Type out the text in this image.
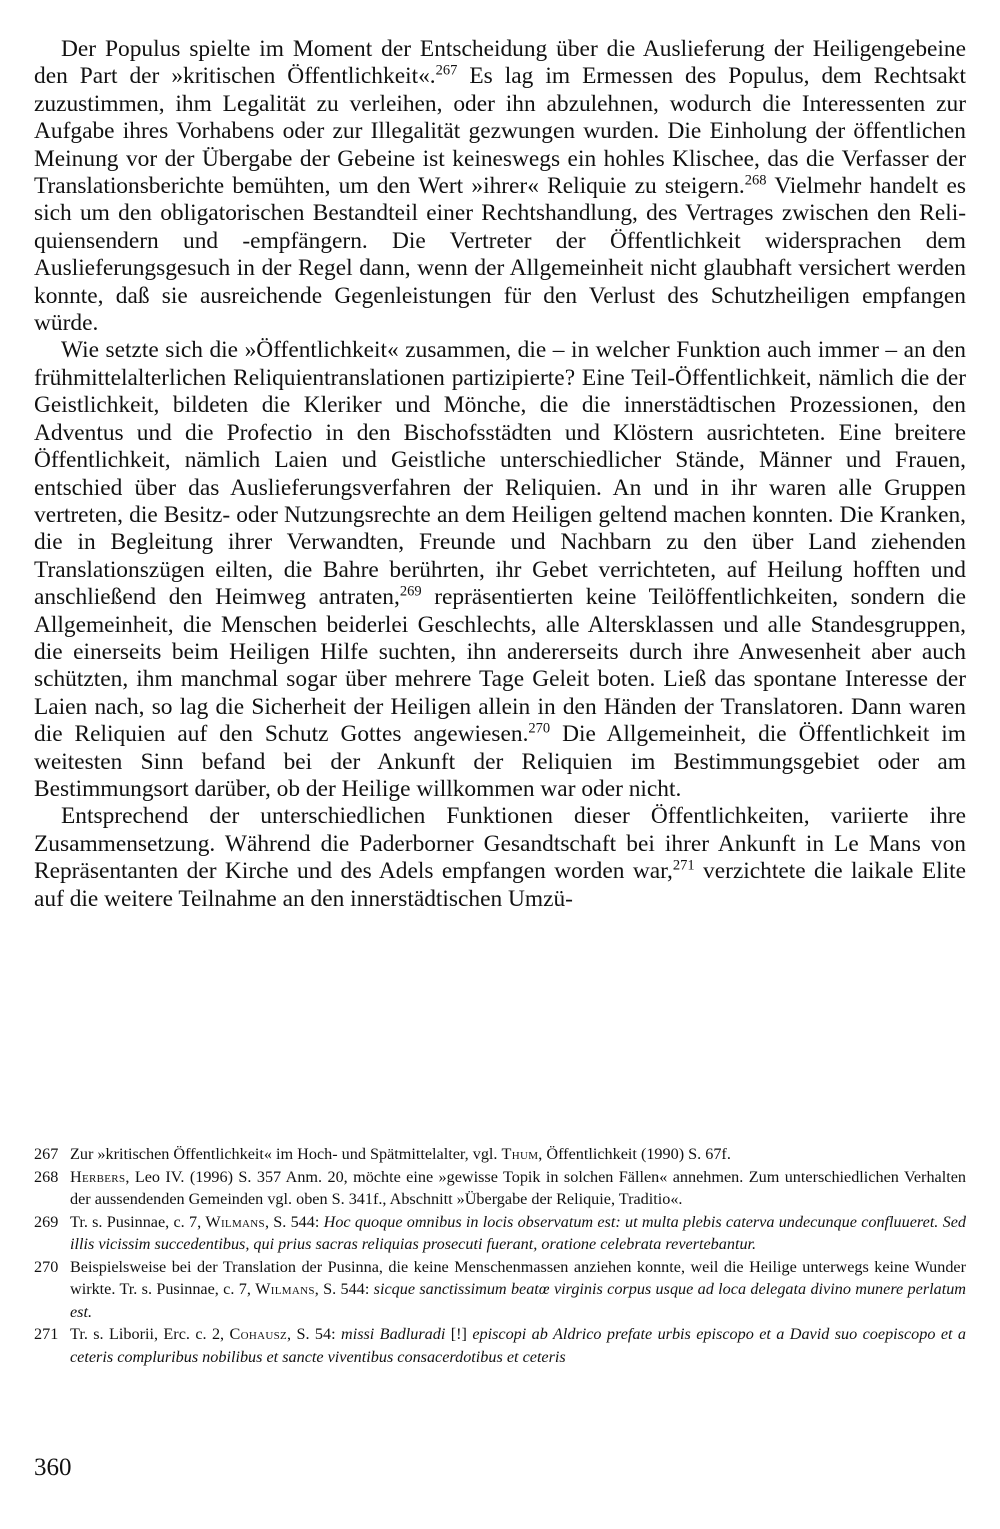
Der Populus spielte im Moment der Entscheidung über die Auslieferung der Heiligengebeine den Part der »kritischen Öffentlichkeit«.$^{267}$ Es lag im Ermessen des Populus, dem Rechtsakt zuzustimmen, ihm Legalität zu verleihen, oder ihn abzulehnen, wodurch die Interessenten zur Aufgabe ihres Vorhabens oder zur Illegalität gezwungen wurden. Die Einholung der öffentlichen Meinung vor der Übergabe der Gebeine ist keineswegs ein hohles Klischee, das die Verfasser der Translationsberichte bemühten, um den Wert »ihrer« Reliquie zu steigern.$^{268}$ Vielmehr handelt es sich um den obligatorischen Bestandteil einer Rechtshandlung, des Vertrages zwischen den Reliquiensendern und -empfängern. Die Vertreter der Öffentlichkeit widersprachen dem Auslieferungsgesuch in der Regel dann, wenn der Allgemeinheit nicht glaubhaft versichert werden konnte, daß sie ausreichende Gegenleistungen für den Verlust des Schutzheiligen empfangen würde.

Wie setzte sich die »Öffentlichkeit« zusammen, die – in welcher Funktion auch immer – an den frühmittelalterlichen Reliquientranslationen partizipierte? Eine Teil-Öffentlichkeit, nämlich die der Geistlichkeit, bildeten die Kleriker und Mönche, die die innerstädtischen Prozessionen, den Adventus und die Profectio in den Bischofsstädten und Klöstern ausrichteten. Eine breitere Öffentlichkeit, nämlich Laien und Geistliche unterschiedlicher Stände, Männer und Frauen, entschied über das Auslieferungsverfahren der Reliquien. An und in ihr waren alle Gruppen vertreten, die Besitz- oder Nutzungsrechte an dem Heiligen geltend machen konnten. Die Kranken, die in Begleitung ihrer Verwandten, Freunde und Nachbarn zu den über Land ziehenden Translationszügen eilten, die Bahre berührten, ihr Gebet verrichteten, auf Heilung hofften und anschließend den Heimweg antraten,$^{269}$ repräsentierten keine Teilöffentlichkeiten, sondern die Allgemeinheit, die Menschen beiderlei Geschlechts, alle Altersklassen und alle Standesgruppen, die einerseits beim Heiligen Hilfe suchten, ihn andererseits durch ihre Anwesenheit aber auch schützten, ihm manchmal sogar über mehrere Tage Geleit boten. Ließ das spontane Interesse der Laien nach, so lag die Sicherheit der Heiligen allein in den Händen der Translatoren. Dann waren die Reliquien auf den Schutz Gottes angewiesen.$^{270}$ Die Allgemeinheit, die Öffentlichkeit im weitesten Sinn befand bei der Ankunft der Reliquien im Bestimmungsgebiet oder am Bestimmungsort darüber, ob der Heilige willkommen war oder nicht.

Entsprechend der unterschiedlichen Funktionen dieser Öffentlichkeiten, variierte ihre Zusammensetzung. Während die Paderborner Gesandtschaft bei ihrer Ankunft in Le Mans von Repräsentanten der Kirche und des Adels empfangen worden war,$^{271}$ verzichtete die laikale Elite auf die weitere Teilnahme an den innerstädtischen Umzü-

267 Zur »kritischen Öffentlichkeit« im Hoch- und Spätmittelalter, vgl. Thum, Öffentlichkeit (1990) S. 67f.
268 Herbers, Leo IV. (1996) S. 357 Anm. 20, möchte eine »gewisse Topik in solchen Fällen« annehmen. Zum unterschiedlichen Verhalten der aussendenden Gemeinden vgl. oben S. 341f., Abschnitt »Übergabe der Reliquie, Traditio«.
269 Tr. s. Pusinnae, c. 7, Wilmans, S. 544: Hoc quoque omnibus in locis observatum est: ut multa plebis caterva undecunque confluueret. Sed illis vicissim succedentibus, qui prius sacras reliquias prosecuti fuerant, oratione celebrata revertebantur.
270 Beispielsweise bei der Translation der Pusinna, die keine Menschenmassen anziehen konnte, weil die Heilige unterwegs keine Wunder wirkte. Tr. s. Pusinnae, c. 7, Wilmans, S. 544: sicque sanctissimum beatœ virginis corpus usque ad loca delegata divino munere perlatum est.
271 Tr. s. Liborii, Erc. c. 2, Cohausz, S. 54: missi Badluradi [!] episcopi ab Aldrico prefate urbis episcopo et a David suo coepiscopo et a ceteris compluribus nobilibus et sancte viventibus consacerdotibus et ceteris
360
